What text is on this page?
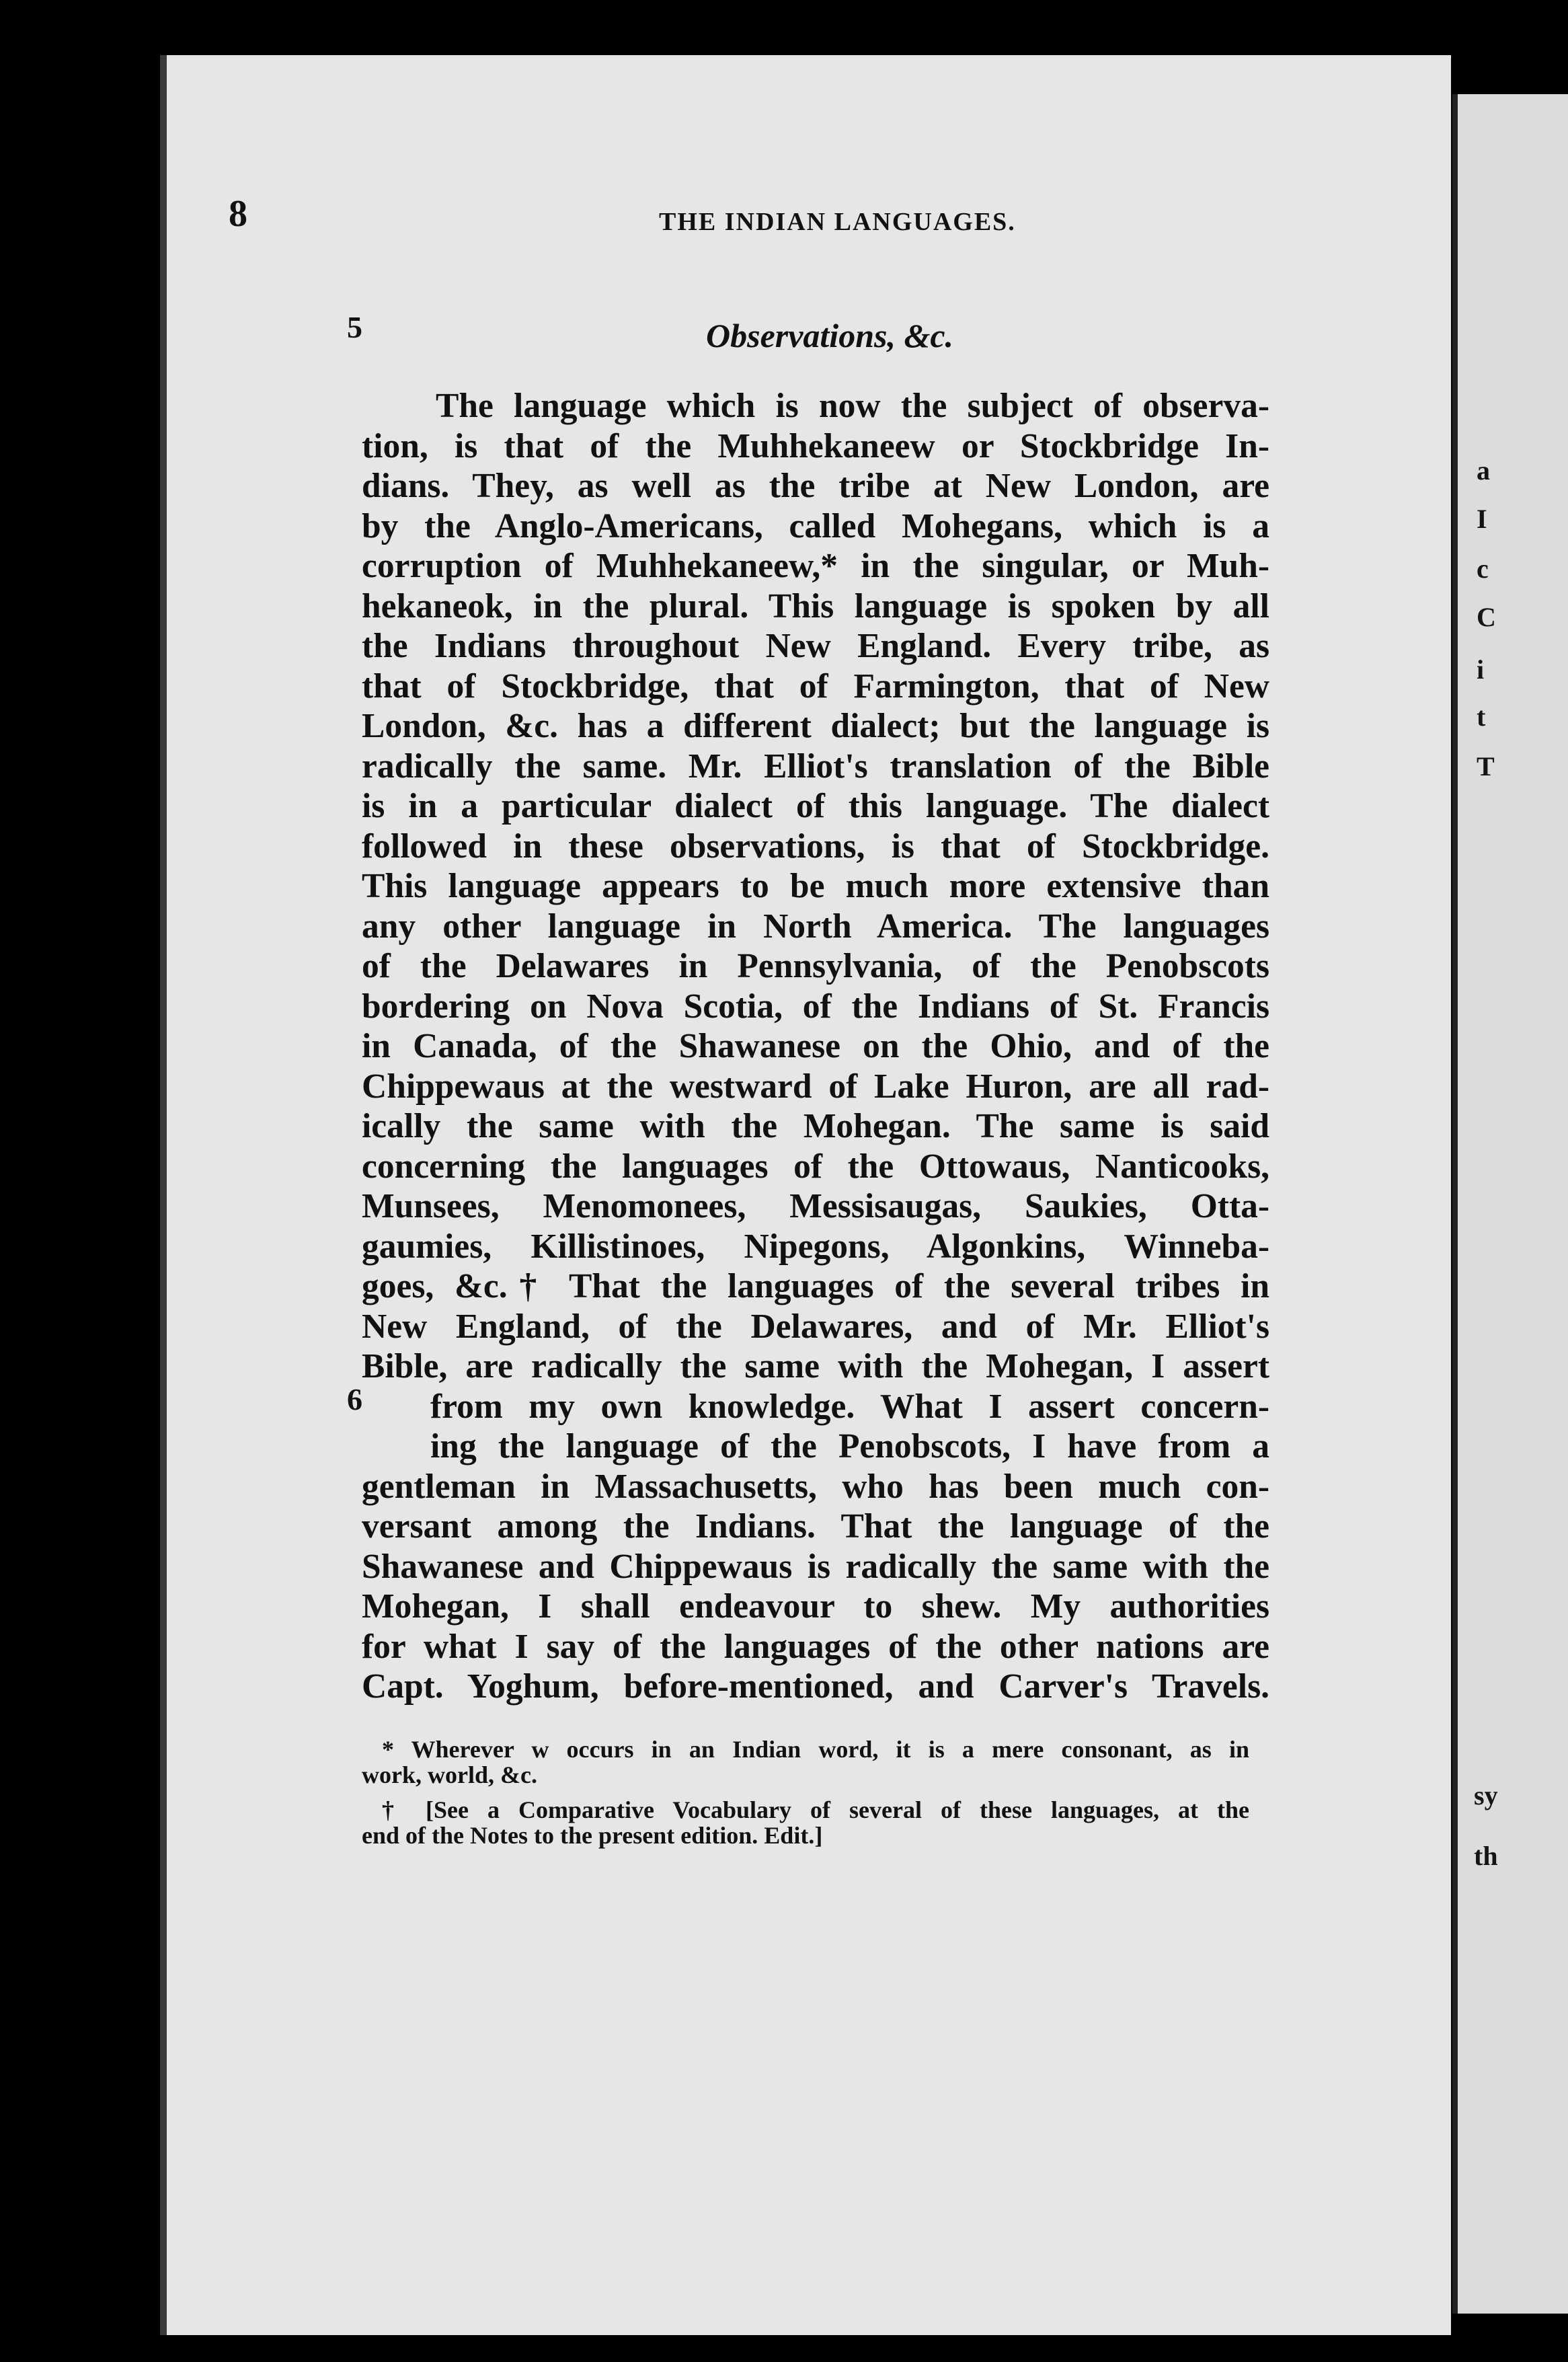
a
I
c
C
i
t
T
sy
th
8	THE INDIAN LANGUAGES.
5	Observations, &c.
6
The language which is now the subject of observa-
tion, is that of the Muhhekaneew or Stockbridge In-
dians. They, as well as the tribe at New London, are
by the Anglo-Americans, called Mohegans, which is a
corruption of Muhhekaneew,* in the singular, or Muh-
hekaneok, in the plural. This language is spoken by all
the Indians throughout New England. Every tribe, as
that of Stockbridge, that of Farmington, that of New
London, &c. has a different dialect; but the language is
radically the same. Mr. Elliot's translation of the Bible
is in a particular dialect of this language. The dialect
followed in these observations, is that of Stockbridge.
This language appears to be much more extensive than
any other language in North America. The languages
of the Delawares in Pennsylvania, of the Penobscots
bordering on Nova Scotia, of the Indians of St. Francis
in Canada, of the Shawanese on the Ohio, and of the
Chippewaus at the westward of Lake Huron, are all rad-
ically the same with the Mohegan. The same is said
concerning the languages of the Ottowaus, Nanticooks,
Munsees, Menomonees, Messisaugas, Saukies, Otta-
gaumies, Killistinoes, Nipegons, Algonkins, Winneba-
goes, &c.† That the languages of the several tribes in
New England, of the Delawares, and of Mr. Elliot's
Bible, are radically the same with the Mohegan, I assert
from my own knowledge. What I assert concern-
ing the language of the Penobscots, I have from a
gentleman in Massachusetts, who has been much con-
versant among the Indians. That the language of the
Shawanese and Chippewaus is radically the same with the
Mohegan, I shall endeavour to shew. My authorities
for what I say of the languages of the other nations are
Capt. Yoghum, before-mentioned, and Carver's Travels.
* Wherever w occurs in an Indian word, it is a mere consonant, as in
work, world, &c.
† [See a Comparative Vocabulary of several of these languages, at the
end of the Notes to the present edition. Edit.]
